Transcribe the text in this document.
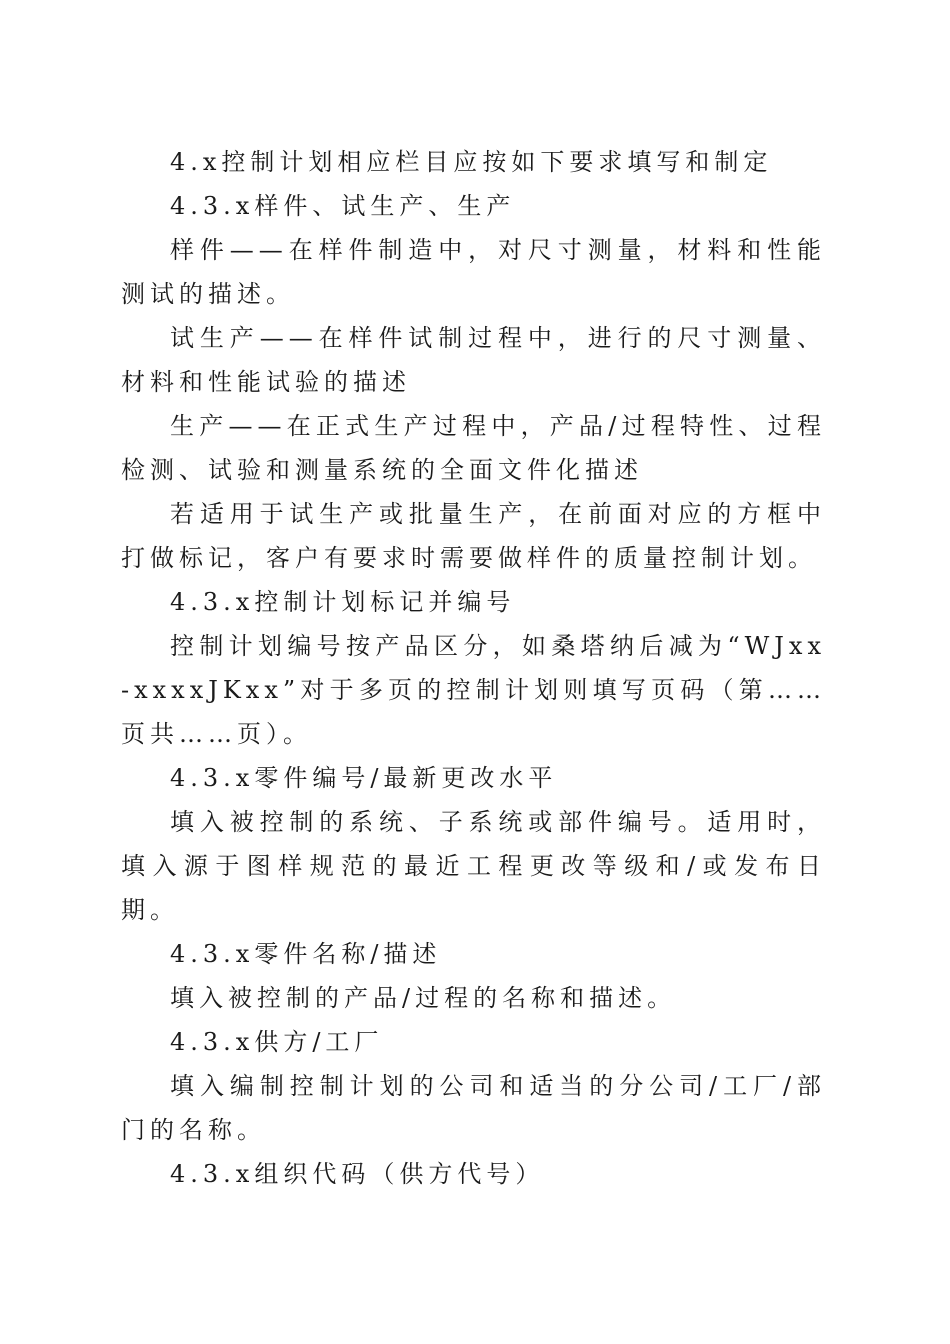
4.x控制计划相应栏目应按如下要求填写和制定

4.3.x样件、试生产、生产

样件——在样件制造中，对尺寸测量，材料和性能测试的描述。

试生产——在样件试制过程中，进行的尺寸测量、材料和性能试验的描述

生产——在正式生产过程中，产品/过程特性、过程检测、试验和测量系统的全面文件化描述

若适用于试生产或批量生产，在前面对应的方框中打做标记，客户有要求时需要做样件的质量控制计划。

4.3.x控制计划标记并编号

控制计划编号按产品区分，如桑塔纳后减为“WJxx-xxxxJKxx”对于多页的控制计划则填写页码（第……页共……页）。

4.3.x零件编号/最新更改水平

填入被控制的系统、子系统或部件编号。适用时，填入源于图样规范的最近工程更改等级和/或发布日期。

4.3.x零件名称/描述

填入被控制的产品/过程的名称和描述。

4.3.x供方/工厂

填入编制控制计划的公司和适当的分公司/工厂/部门的名称。

4.3.x组织代码（供方代号）
